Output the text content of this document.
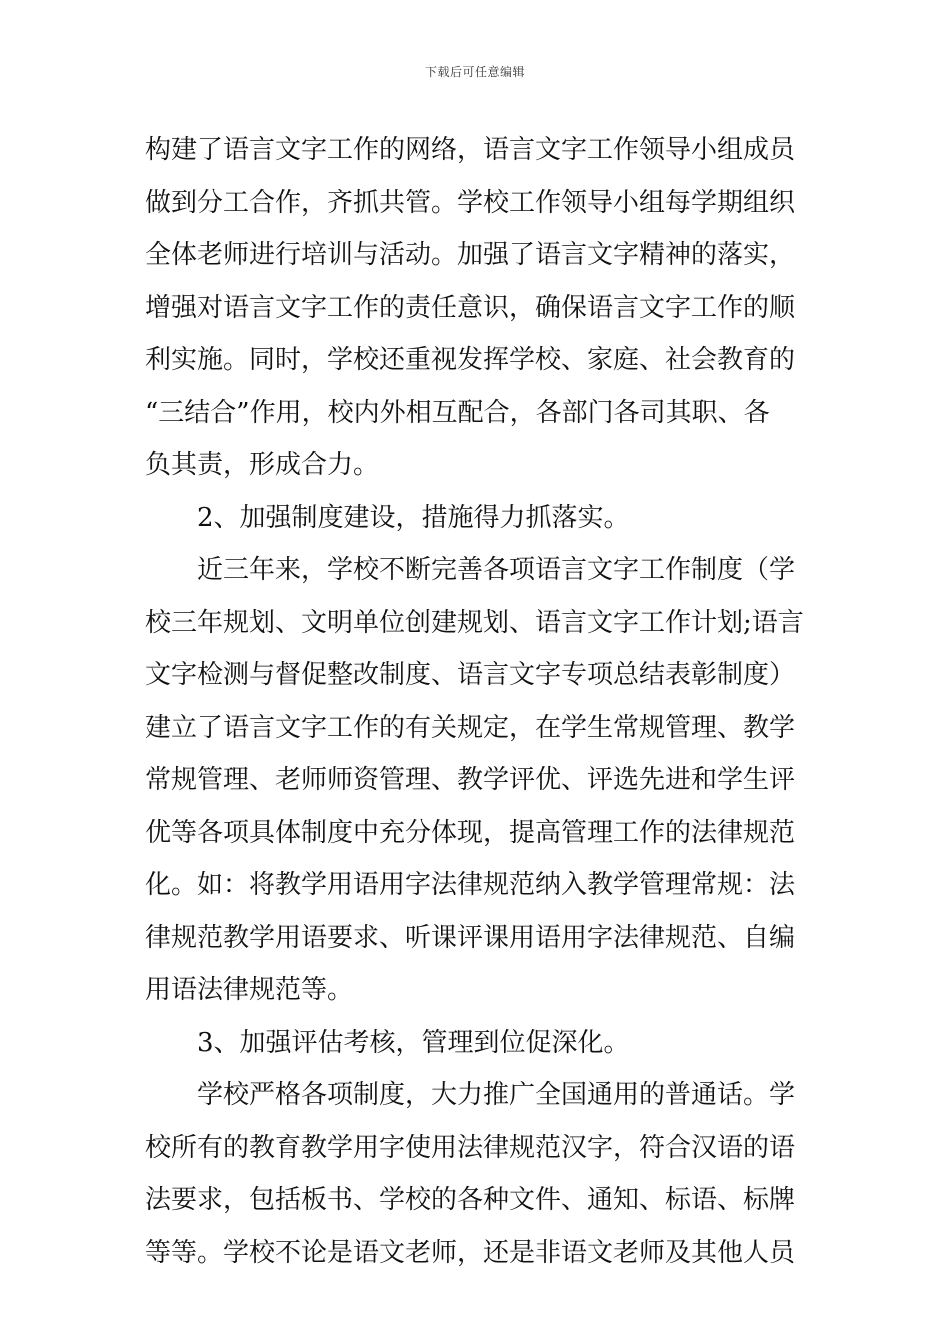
下载后可任意编辑
构建了语言文字工作的网络，语言文字工作领导小组成员
做到分工合作，齐抓共管。学校工作领导小组每学期组织
全体老师进行培训与活动。加强了语言文字精神的落实，
增强对语言文字工作的责任意识，确保语言文字工作的顺
利实施。同时，学校还重视发挥学校、家庭、社会教育的
“三结合”作用，校内外相互配合，各部门各司其职、各
负其责，形成合力。
2、加强制度建设，措施得力抓落实。
近三年来，学校不断完善各项语言文字工作制度（学
校三年规划、文明单位创建规划、语言文字工作计划;语言
文字检测与督促整改制度、语言文字专项总结表彰制度）
建立了语言文字工作的有关规定，在学生常规管理、教学
常规管理、老师师资管理、教学评优、评选先进和学生评
优等各项具体制度中充分体现，提高管理工作的法律规范
化。如：将教学用语用字法律规范纳入教学管理常规：法
律规范教学用语要求、听课评课用语用字法律规范、自编
用语法律规范等。
3、加强评估考核，管理到位促深化。
学校严格各项制度，大力推广全国通用的普通话。学
校所有的教育教学用字使用法律规范汉字，符合汉语的语
法要求，包括板书、学校的各种文件、通知、标语、标牌
等等。学校不论是语文老师，还是非语文老师及其他人员
